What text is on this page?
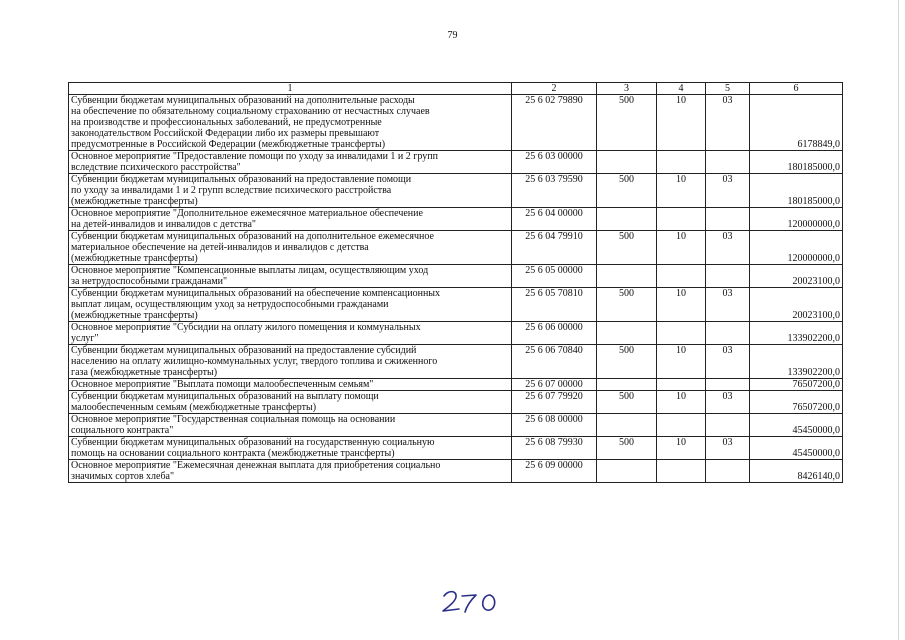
79
1	2	3	4	5	6
Субвенции бюджетам муниципальных образований на дополнительные расходы
на обеспечение по обязательному социальному страхованию от несчастных случаев
на производстве и профессиональных заболеваний, не предусмотренные
законодательством Российской Федерации либо их размеры превышают
предусмотренные в Российской Федерации (межбюджетные трансферты)	25 6 02 79890	500	10	03	6178849,0
Основное мероприятие "Предоставление помощи по уходу за инвалидами 1 и 2 групп
вследствие психического расстройства"	25 6 03 00000				180185000,0
Субвенции бюджетам муниципальных образований на предоставление помощи
по уходу за инвалидами 1 и 2 групп вследствие психического расстройства
(межбюджетные трансферты)	25 6 03 79590	500	10	03	180185000,0
Основное мероприятие "Дополнительное ежемесячное материальное обеспечение
на детей-инвалидов и инвалидов с детства"	25 6 04 00000				120000000,0
Субвенции бюджетам муниципальных образований на дополнительное ежемесячное
материальное обеспечение на детей-инвалидов и инвалидов с детства
(межбюджетные трансферты)	25 6 04 79910	500	10	03	120000000,0
Основное мероприятие "Компенсационные выплаты лицам, осуществляющим уход
за нетрудоспособными гражданами"	25 6 05 00000				20023100,0
Субвенции бюджетам муниципальных образований на обеспечение компенсационных
выплат лицам, осуществляющим уход за нетрудоспособными гражданами
(межбюджетные трансферты)	25 6 05 70810	500	10	03	20023100,0
Основное мероприятие "Субсидии на оплату жилого помещения и коммунальных
услуг"	25 6 06 00000				133902200,0
Субвенции бюджетам муниципальных образований на предоставление субсидий
населению на оплату жилищно-коммунальных услуг, твердого топлива и сжиженного
газа (межбюджетные трансферты)	25 6 06 70840	500	10	03	133902200,0
Основное мероприятие "Выплата помощи малообеспеченным семьям"	25 6 07 00000				76507200,0
Субвенции бюджетам муниципальных образований на выплату помощи
малообеспеченным семьям (межбюджетные трансферты)	25 6 07 79920	500	10	03	76507200,0
Основное мероприятие "Государственная социальная помощь на основании
социального контракта"	25 6 08 00000				45450000,0
Субвенции бюджетам муниципальных образований на государственную социальную
помощь на основании социального контракта (межбюджетные трансферты)	25 6 08 79930	500	10	03	45450000,0
Основное мероприятие "Ежемесячная денежная выплата для приобретения социально
значимых сортов хлеба"	25 6 09 00000				8426140,0
